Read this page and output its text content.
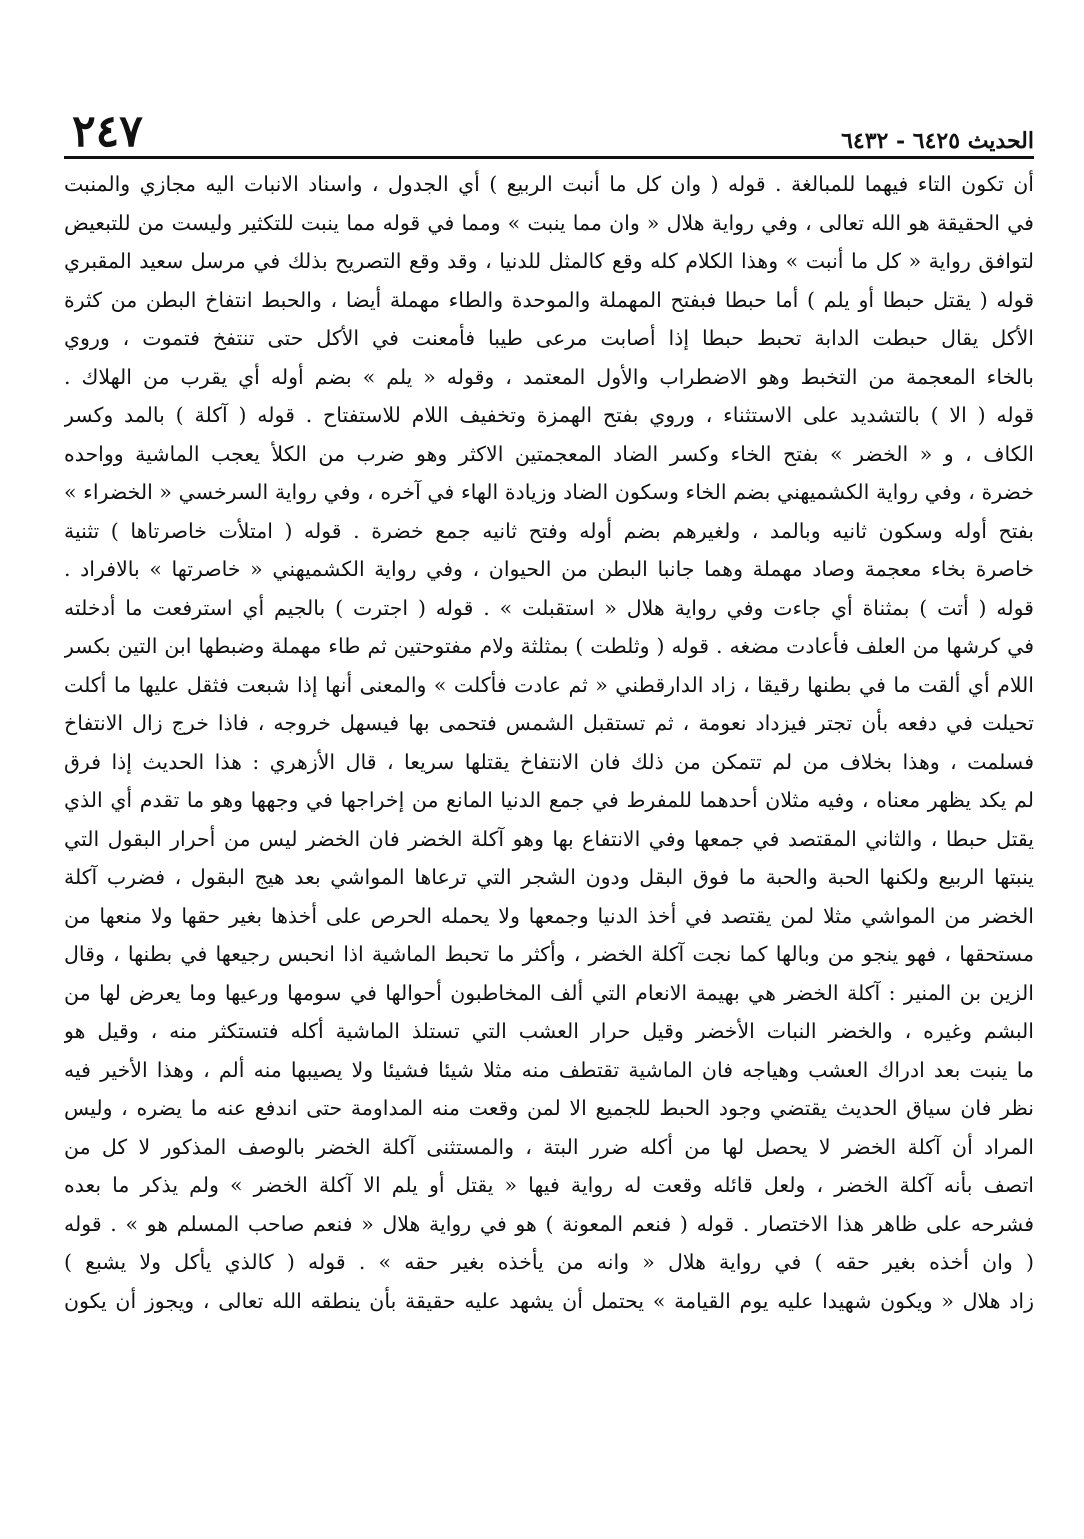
٢٤٧	الحديث ٦٤٢٥ - ٦٤٣٢
أن تكون التاء فيهما للمبالغة . قوله ( وان كل ما أنبت الربيع ) أي الجدول ، واسناد الانبات اليه مجازي والمنبت
في الحقيقة هو الله تعالى ، وفي رواية هلال « وان مما ينبت » ومما في قوله مما ينبت للتكثير وليست من للتبعيض
لتوافق رواية « كل ما أنبت » وهذا الكلام كله وقع كالمثل للدنيا ، وقد وقع التصريح بذلك في مرسل سعيد المقبري
قوله ( يقتل حبطا أو يلم ) أما حبطا فبفتح المهملة والموحدة والطاء مهملة أيضا ، والحبط انتفاخ البطن من كثرة
الأكل يقال حبطت الدابة تحبط حبطا إذا أصابت مرعى طيبا فأمعنت في الأكل حتى تنتفخ فتموت ، وروي
بالخاء المعجمة من التخبط وهو الاضطراب والأول المعتمد ، وقوله « يلم » بضم أوله أي يقرب من الهلاك .
قوله ( الا ) بالتشديد على الاستثناء ، وروي بفتح الهمزة وتخفيف اللام للاستفتاح . قوله ( آكلة ) بالمد وكسر
الكاف ، و « الخضر » بفتح الخاء وكسر الضاد المعجمتين الاكثر وهو ضرب من الكلأ يعجب الماشية وواحده
خضرة ، وفي رواية الكشميهني بضم الخاء وسكون الضاد وزيادة الهاء في آخره ، وفي رواية السرخسي « الخضراء »
بفتح أوله وسكون ثانيه وبالمد ، ولغيرهم بضم أوله وفتح ثانيه جمع خضرة . قوله ( امتلأت خاصرتاها ) تثنية
خاصرة بخاء معجمة وصاد مهملة وهما جانبا البطن من الحيوان ، وفي رواية الكشميهني « خاصرتها » بالافراد .
قوله ( أتت ) بمثناة أي جاءت وفي رواية هلال « استقبلت » . قوله ( اجترت ) بالجيم أي استرفعت ما أدخلته
في كرشها من العلف فأعادت مضغه . قوله ( وثلطت ) بمثلثة ولام مفتوحتين ثم طاء مهملة وضبطها ابن التين بكسر
اللام أي ألقت ما في بطنها رقيقا ، زاد الدارقطني « ثم عادت فأكلت » والمعنى أنها إذا شبعت فثقل عليها ما أكلت
تحيلت في دفعه بأن تجتر فيزداد نعومة ، ثم تستقبل الشمس فتحمى بها فيسهل خروجه ، فاذا خرج زال الانتفاخ
فسلمت ، وهذا بخلاف من لم تتمكن من ذلك فان الانتفاخ يقتلها سريعا ، قال الأزهري : هذا الحديث إذا فرق
لم يكد يظهر معناه ، وفيه مثلان أحدهما للمفرط في جمع الدنيا المانع من إخراجها في وجهها وهو ما تقدم أي الذي
يقتل حبطا ، والثاني المقتصد في جمعها وفي الانتفاع بها وهو آكلة الخضر فان الخضر ليس من أحرار البقول التي
ينبتها الربيع ولكنها الحبة والحبة ما فوق البقل ودون الشجر التي ترعاها المواشي بعد هيج البقول ، فضرب آكلة
الخضر من المواشي مثلا لمن يقتصد في أخذ الدنيا وجمعها ولا يحمله الحرص على أخذها بغير حقها ولا منعها من
مستحقها ، فهو ينجو من وبالها كما نجت آكلة الخضر ، وأكثر ما تحبط الماشية اذا انحبس رجيعها في بطنها ، وقال
الزين بن المنير : آكلة الخضر هي بهيمة الانعام التي ألف المخاطبون أحوالها في سومها ورعيها وما يعرض لها من
البشم وغيره ، والخضر النبات الأخضر وقيل حرار العشب التي تستلذ الماشية أكله فتستكثر منه ، وقيل هو
ما ينبت بعد ادراك العشب وهياجه فان الماشية تقتطف منه مثلا شيئا فشيئا ولا يصيبها منه ألم ، وهذا الأخير فيه
نظر فان سياق الحديث يقتضي وجود الحبط للجميع الا لمن وقعت منه المداومة حتى اندفع عنه ما يضره ، وليس
المراد أن آكلة الخضر لا يحصل لها من أكله ضرر البتة ، والمستثنى آكلة الخضر بالوصف المذكور لا كل من
اتصف بأنه آكلة الخضر ، ولعل قائله وقعت له رواية فيها « يقتل أو يلم الا آكلة الخضر » ولم يذكر ما بعده
فشرحه على ظاهر هذا الاختصار . قوله ( فنعم المعونة ) هو في رواية هلال « فنعم صاحب المسلم هو » . قوله
( وان أخذه بغير حقه ) في رواية هلال « وانه من يأخذه بغير حقه » . قوله ( كالذي يأكل ولا يشبع )
زاد هلال « ويكون شهيدا عليه يوم القيامة » يحتمل أن يشهد عليه حقيقة بأن ينطقه الله تعالى ، ويجوز أن يكون
